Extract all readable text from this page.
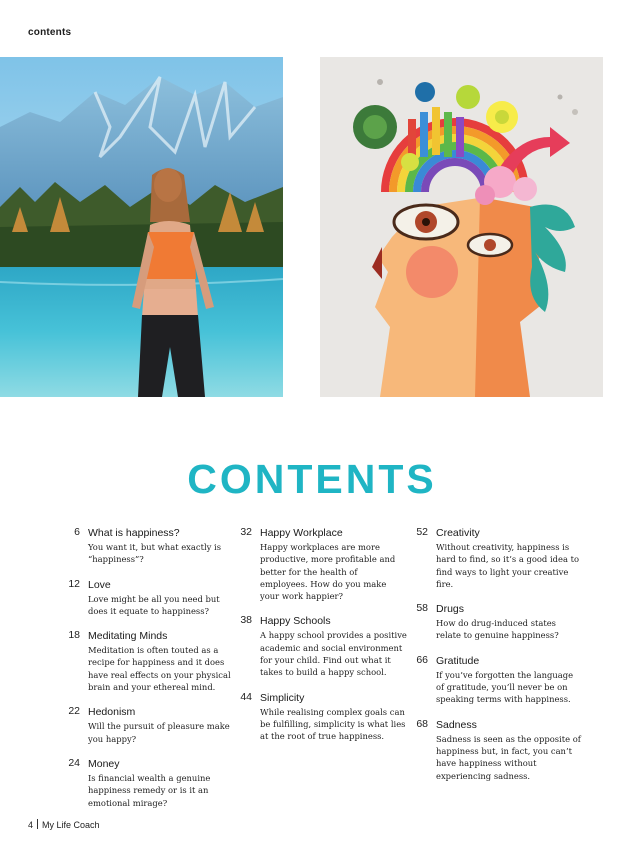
contents
CONTENTS
6 What is happiness?
You want it, but what exactly is “happiness”?
12 Love
Love might be all you need but does it equate to happiness?
18 Meditating Minds
Meditation is often touted as a recipe for happiness and it does have real effects on your physical brain and your ethereal mind.
22 Hedonism
Will the pursuit of pleasure make you happy?
24 Money
Is financial wealth a genuine happiness remedy or is it an emotional mirage?
32 Happy Workplace
Happy workplaces are more productive, more profitable and better for the health of employees. How do you make your work happier?
38 Happy Schools
A happy school provides a positive academic and social environment for your child. Find out what it takes to build a happy school.
44 Simplicity
While realising complex goals can be fulfilling, simplicity is what lies at the root of true happiness.
52 Creativity
Without creativity, happiness is hard to find, so it’s a good idea to find ways to light your creative fire.
58 Drugs
How do drug-induced states relate to genuine happiness?
66 Gratitude
If you’ve forgotten the language of gratitude, you’ll never be on speaking terms with happiness.
68 Sadness
Sadness is seen as the opposite of happiness but, in fact, you can’t have happiness without experiencing sadness.
4 My Life Coach
